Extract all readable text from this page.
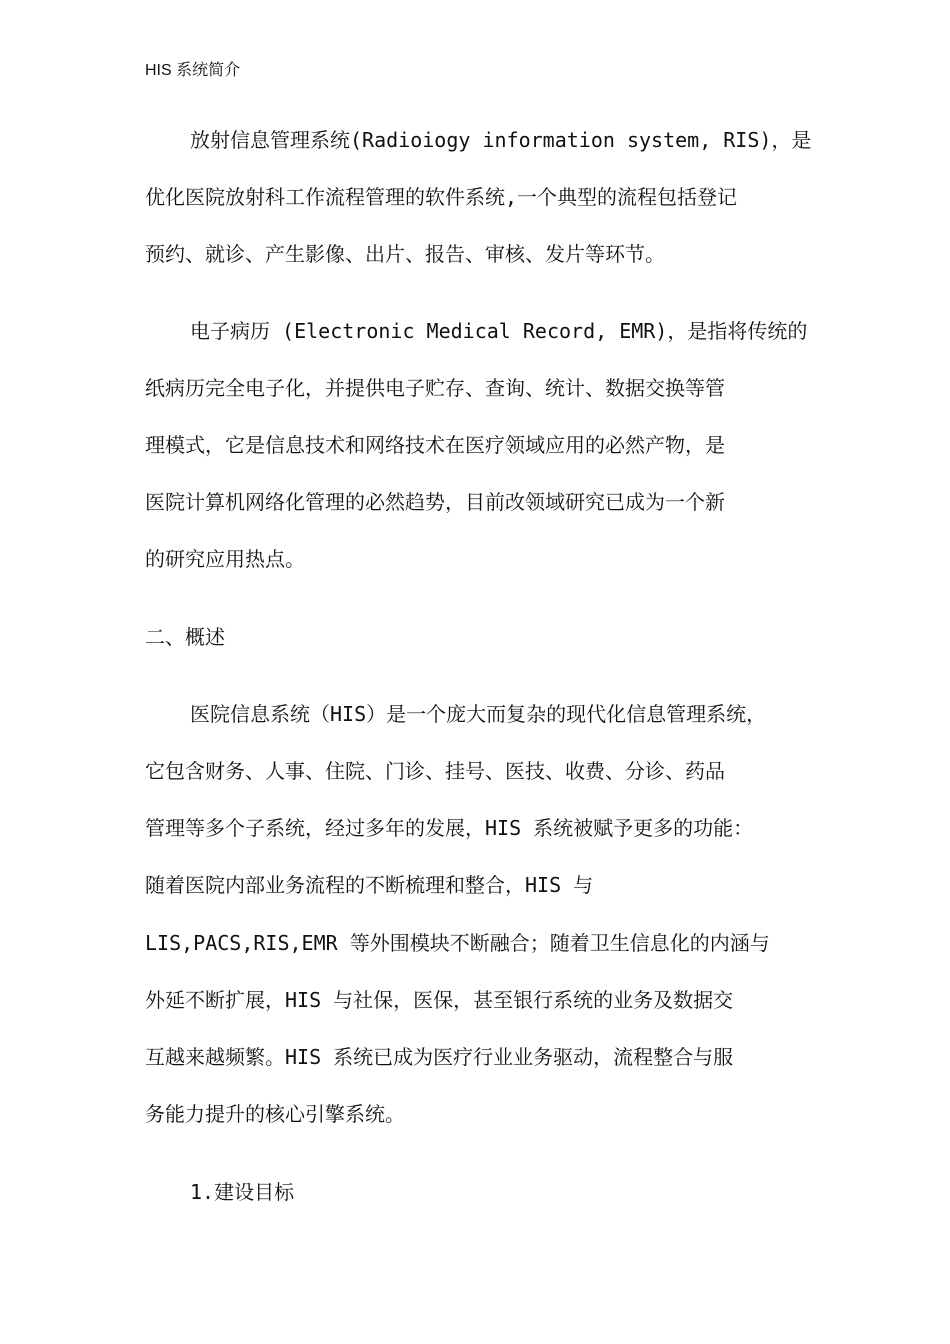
HIS 系统简介
放射信息管理系统(Radioiogy information system, RIS)，是
优化医院放射科工作流程管理的软件系统,一个典型的流程包括登记
预约、就诊、产生影像、出片、报告、审核、发片等环节。
电子病历 (Electronic Medical Record, EMR)，是指将传统的
纸病历完全电子化，并提供电子贮存、查询、统计、数据交换等管
理模式，它是信息技术和网络技术在医疗领域应用的必然产物，是
医院计算机网络化管理的必然趋势，目前改领域研究已成为一个新
的研究应用热点。
二、概述
医院信息系统（HIS）是一个庞大而复杂的现代化信息管理系统，
它包含财务、人事、住院、门诊、挂号、医技、收费、分诊、药品
管理等多个子系统，经过多年的发展，HIS 系统被赋予更多的功能：
随着医院内部业务流程的不断梳理和整合，HIS 与
LIS,PACS,RIS,EMR 等外围模块不断融合；随着卫生信息化的内涵与
外延不断扩展，HIS 与社保，医保，甚至银行系统的业务及数据交
互越来越频繁。HIS 系统已成为医疗行业业务驱动，流程整合与服
务能力提升的核心引擎系统。
1.建设目标
